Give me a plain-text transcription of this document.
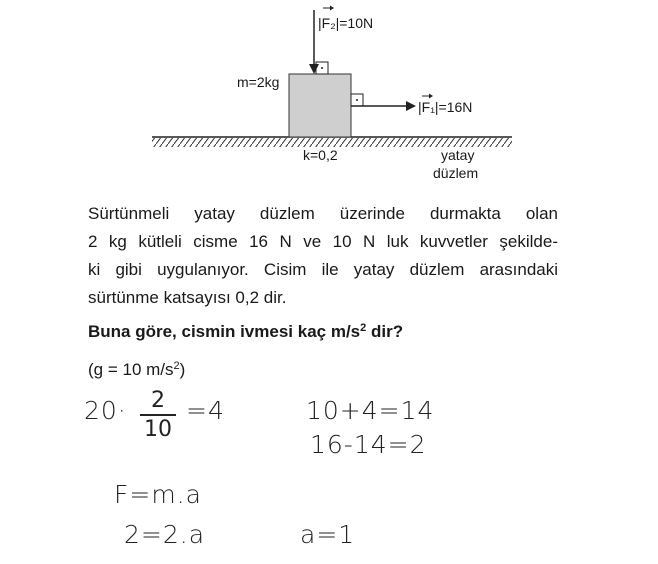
|F₂|=10N
|F₁|=16N
m=2kg
k=0,2	yatay
düzlem
Sürtünmeli yatay düzlem üzerinde durmakta olan
2 kg kütleli cisme 16 N ve 10 N luk kuvvetler şekilde-
ki gibi uygulanıyor. Cisim ile yatay düzlem arasındaki
sürtünme katsayısı 0,2 dir.
Buna göre, cismin ivmesi kaç $m/s^2$ dir?
(g = 10 $m/s^2$)
20·	2
10
=4	10+4=14
16-14=2
F=m.a
2=2.a	a=1
